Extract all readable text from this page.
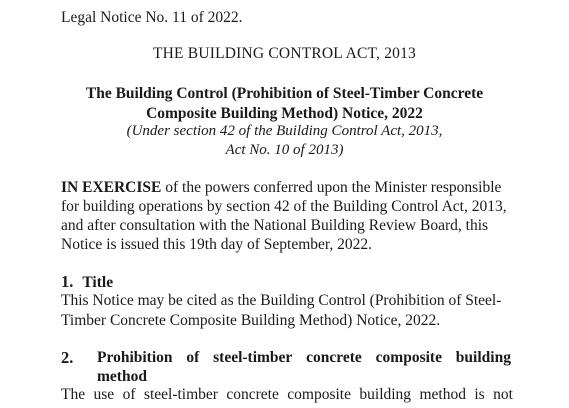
Legal Notice No. 11 of 2022.
THE BUILDING CONTROL ACT, 2013
The Building Control (Prohibition of Steel-Timber Concrete
Composite Building Method) Notice, 2022
(Under section 42 of the Building Control Act, 2013,
Act No. 10 of 2013)
IN EXERCISE of the powers conferred upon the Minister responsible
for building operations by section 42 of the Building Control Act, 2013,
and after consultation with the National Building Review Board, this
Notice is issued this 19th day of September, 2022.
1. Title
This Notice may be cited as the Building Control (Prohibition of Steel-
Timber Concrete Composite Building Method) Notice, 2022.
2. Prohibition of steel-timber concrete composite building
method
The use of steel-timber concrete composite building method is not
